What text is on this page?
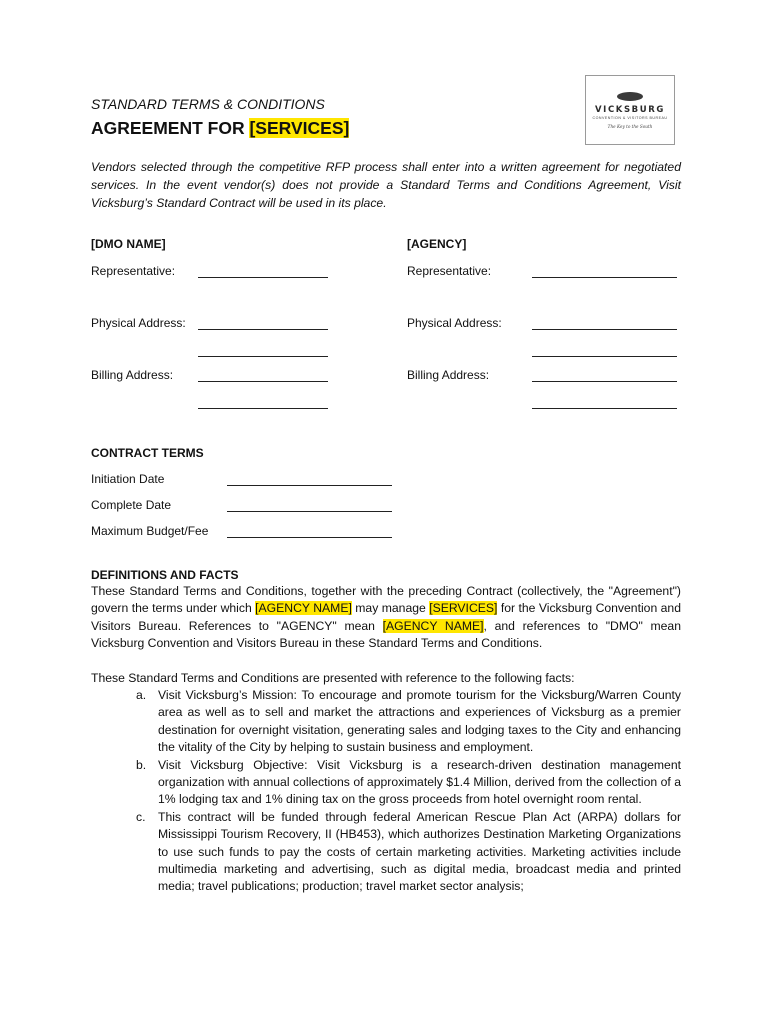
VICKSBURG
CONVENTION & VISITORS BUREAU
The Key to the South
STANDARD TERMS & CONDITIONS
AGREEMENT FOR [SERVICES]
Vendors selected through the competitive RFP process shall enter into a written agreement for negotiated services. In the event vendor(s) does not provide a Standard Terms and Conditions Agreement, Visit Vicksburg’s Standard Contract will be used in its place.
[DMO NAME]
Representative:
Physical Address:
Billing Address:
[AGENCY]
Representative:
Physical Address:
Billing Address:
CONTRACT TERMS
Initiation Date
Complete Date
Maximum Budget/Fee
DEFINITIONS AND FACTS
These Standard Terms and Conditions, together with the preceding Contract (collectively, the "Agreement") govern the terms under which [AGENCY NAME] may manage [SERVICES] for the Vicksburg Convention and Visitors Bureau. References to "AGENCY" mean [AGENCY NAME], and references to "DMO" mean Vicksburg Convention and Visitors Bureau in these Standard Terms and Conditions.
These Standard Terms and Conditions are presented with reference to the following facts:
a. Visit Vicksburg’s Mission: To encourage and promote tourism for the Vicksburg/Warren County area as well as to sell and market the attractions and experiences of Vicksburg as a premier destination for overnight visitation, generating sales and lodging taxes to the City and enhancing the vitality of the City by helping to sustain business and employment.
b. Visit Vicksburg Objective: Visit Vicksburg is a research-driven destination management organization with annual collections of approximately $1.4 Million, derived from the collection of a 1% lodging tax and 1% dining tax on the gross proceeds from hotel overnight room rental.
c.	This contract will be funded through federal American Rescue Plan Act (ARPA) dollars for Mississippi Tourism Recovery, II (HB453), which authorizes Destination Marketing Organizations to use such funds to pay the costs of certain marketing activities. Marketing activities include multimedia marketing and advertising, such as digital media, broadcast media and printed media; travel publications; production; travel market sector analysis;
